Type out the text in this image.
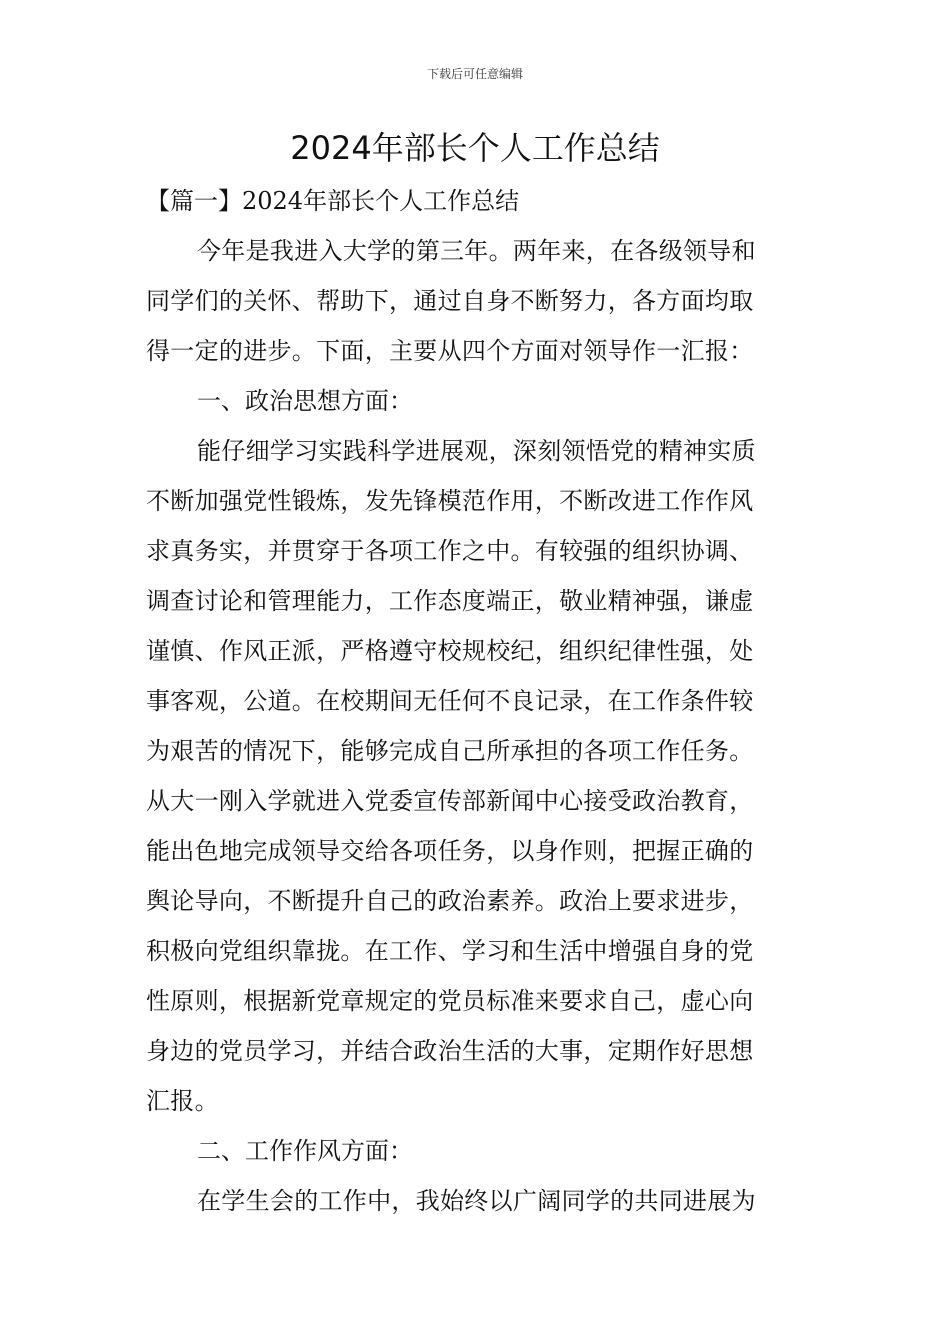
下载后可任意编辑
2024年部长个人工作总结

【篇一】2024年部长个人工作总结

今年是我进入大学的第三年。两年来，在各级领导和
同学们的关怀、帮助下，通过自身不断努力，各方面均取
得一定的进步。下面，主要从四个方面对领导作一汇报：

一、政治思想方面：

能仔细学习实践科学进展观，深刻领悟党的精神实质
不断加强党性锻炼，发先锋模范作用，不断改进工作作风
求真务实，并贯穿于各项工作之中。有较强的组织协调、
调查讨论和管理能力，工作态度端正，敬业精神强，谦虚
谨慎、作风正派，严格遵守校规校纪，组织纪律性强，处
事客观，公道。在校期间无任何不良记录，在工作条件较
为艰苦的情况下，能够完成自己所承担的各项工作任务。
从大一刚入学就进入党委宣传部新闻中心接受政治教育，
能出色地完成领导交给各项任务，以身作则，把握正确的
舆论导向，不断提升自己的政治素养。政治上要求进步，
积极向党组织靠拢。在工作、学习和生活中增强自身的党
性原则，根据新党章规定的党员标准来要求自己，虚心向
身边的党员学习，并结合政治生活的大事，定期作好思想
汇报。

二、工作作风方面：

在学生会的工作中，我始终以广阔同学的共同进展为
